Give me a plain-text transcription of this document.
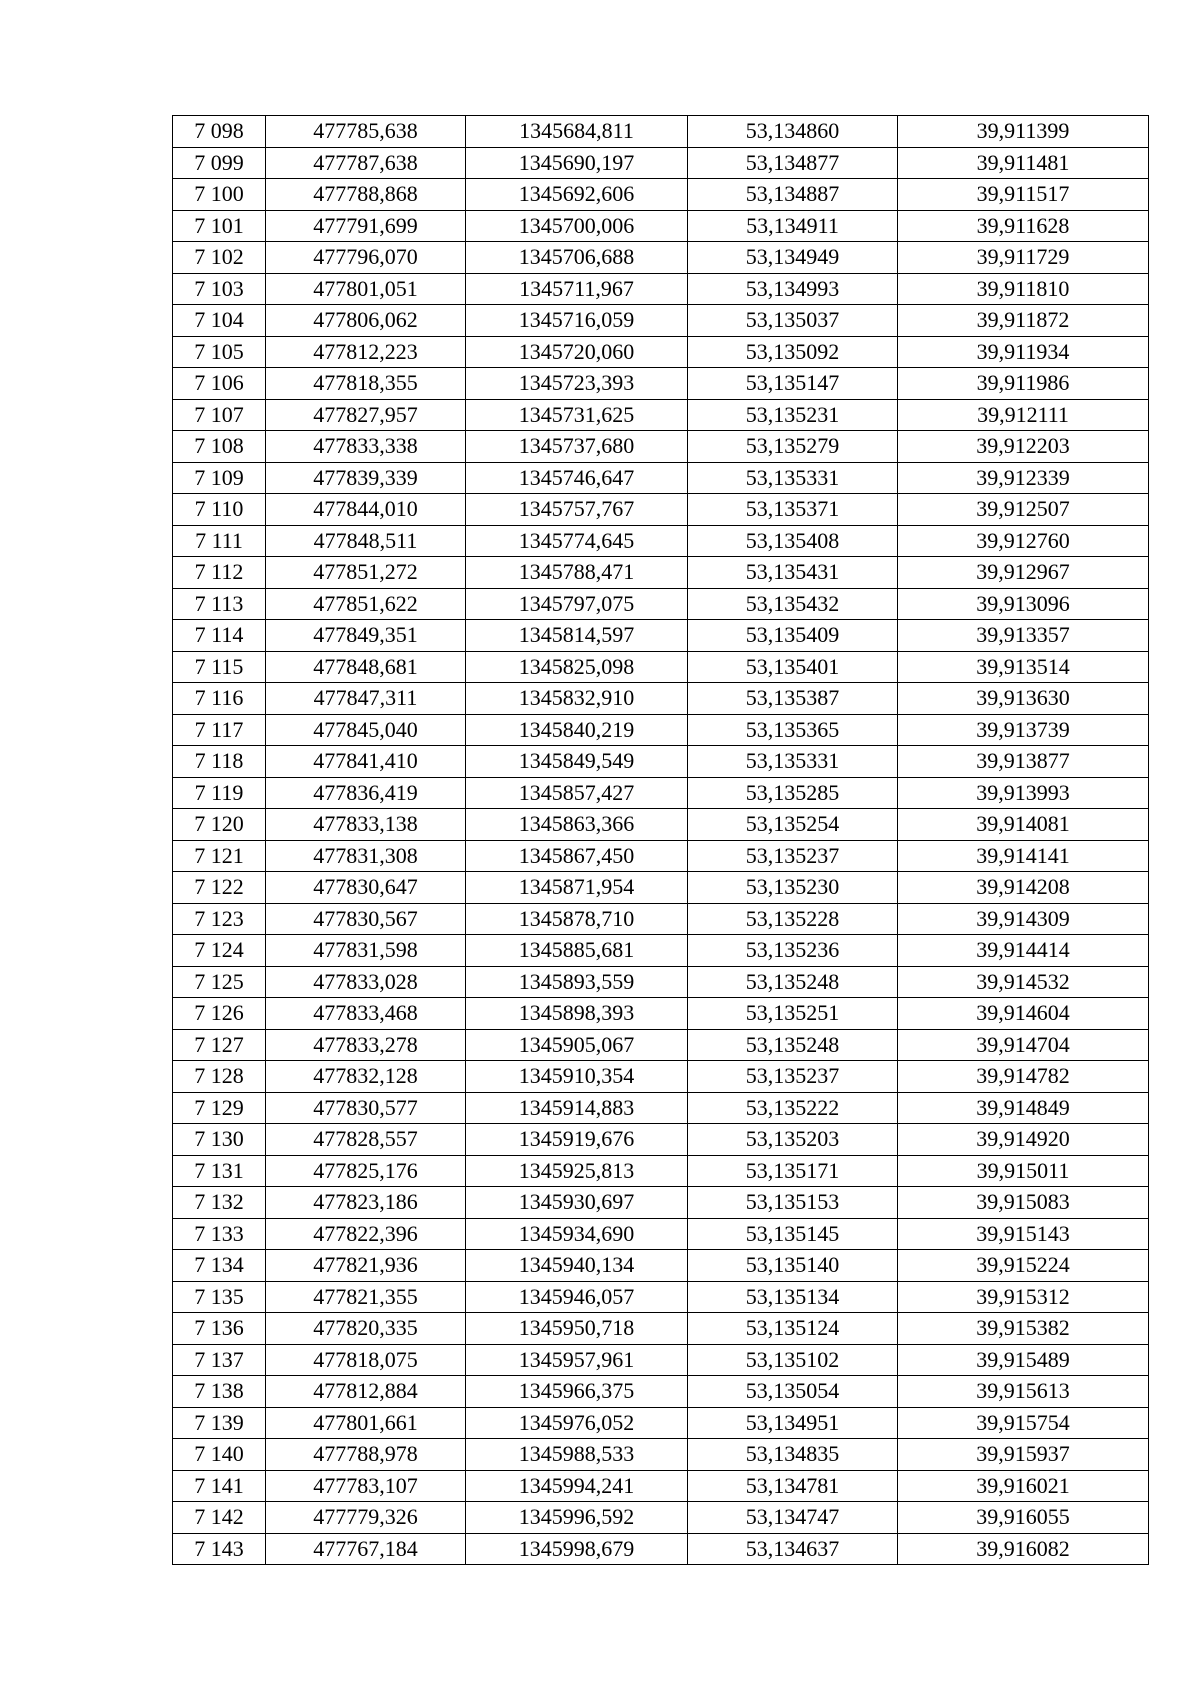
7 098	477785,638	1345684,811	53,134860	39,911399
7 099	477787,638	1345690,197	53,134877	39,911481
7 100	477788,868	1345692,606	53,134887	39,911517
7 101	477791,699	1345700,006	53,134911	39,911628
7 102	477796,070	1345706,688	53,134949	39,911729
7 103	477801,051	1345711,967	53,134993	39,911810
7 104	477806,062	1345716,059	53,135037	39,911872
7 105	477812,223	1345720,060	53,135092	39,911934
7 106	477818,355	1345723,393	53,135147	39,911986
7 107	477827,957	1345731,625	53,135231	39,912111
7 108	477833,338	1345737,680	53,135279	39,912203
7 109	477839,339	1345746,647	53,135331	39,912339
7 110	477844,010	1345757,767	53,135371	39,912507
7 111	477848,511	1345774,645	53,135408	39,912760
7 112	477851,272	1345788,471	53,135431	39,912967
7 113	477851,622	1345797,075	53,135432	39,913096
7 114	477849,351	1345814,597	53,135409	39,913357
7 115	477848,681	1345825,098	53,135401	39,913514
7 116	477847,311	1345832,910	53,135387	39,913630
7 117	477845,040	1345840,219	53,135365	39,913739
7 118	477841,410	1345849,549	53,135331	39,913877
7 119	477836,419	1345857,427	53,135285	39,913993
7 120	477833,138	1345863,366	53,135254	39,914081
7 121	477831,308	1345867,450	53,135237	39,914141
7 122	477830,647	1345871,954	53,135230	39,914208
7 123	477830,567	1345878,710	53,135228	39,914309
7 124	477831,598	1345885,681	53,135236	39,914414
7 125	477833,028	1345893,559	53,135248	39,914532
7 126	477833,468	1345898,393	53,135251	39,914604
7 127	477833,278	1345905,067	53,135248	39,914704
7 128	477832,128	1345910,354	53,135237	39,914782
7 129	477830,577	1345914,883	53,135222	39,914849
7 130	477828,557	1345919,676	53,135203	39,914920
7 131	477825,176	1345925,813	53,135171	39,915011
7 132	477823,186	1345930,697	53,135153	39,915083
7 133	477822,396	1345934,690	53,135145	39,915143
7 134	477821,936	1345940,134	53,135140	39,915224
7 135	477821,355	1345946,057	53,135134	39,915312
7 136	477820,335	1345950,718	53,135124	39,915382
7 137	477818,075	1345957,961	53,135102	39,915489
7 138	477812,884	1345966,375	53,135054	39,915613
7 139	477801,661	1345976,052	53,134951	39,915754
7 140	477788,978	1345988,533	53,134835	39,915937
7 141	477783,107	1345994,241	53,134781	39,916021
7 142	477779,326	1345996,592	53,134747	39,916055
7 143	477767,184	1345998,679	53,134637	39,916082
